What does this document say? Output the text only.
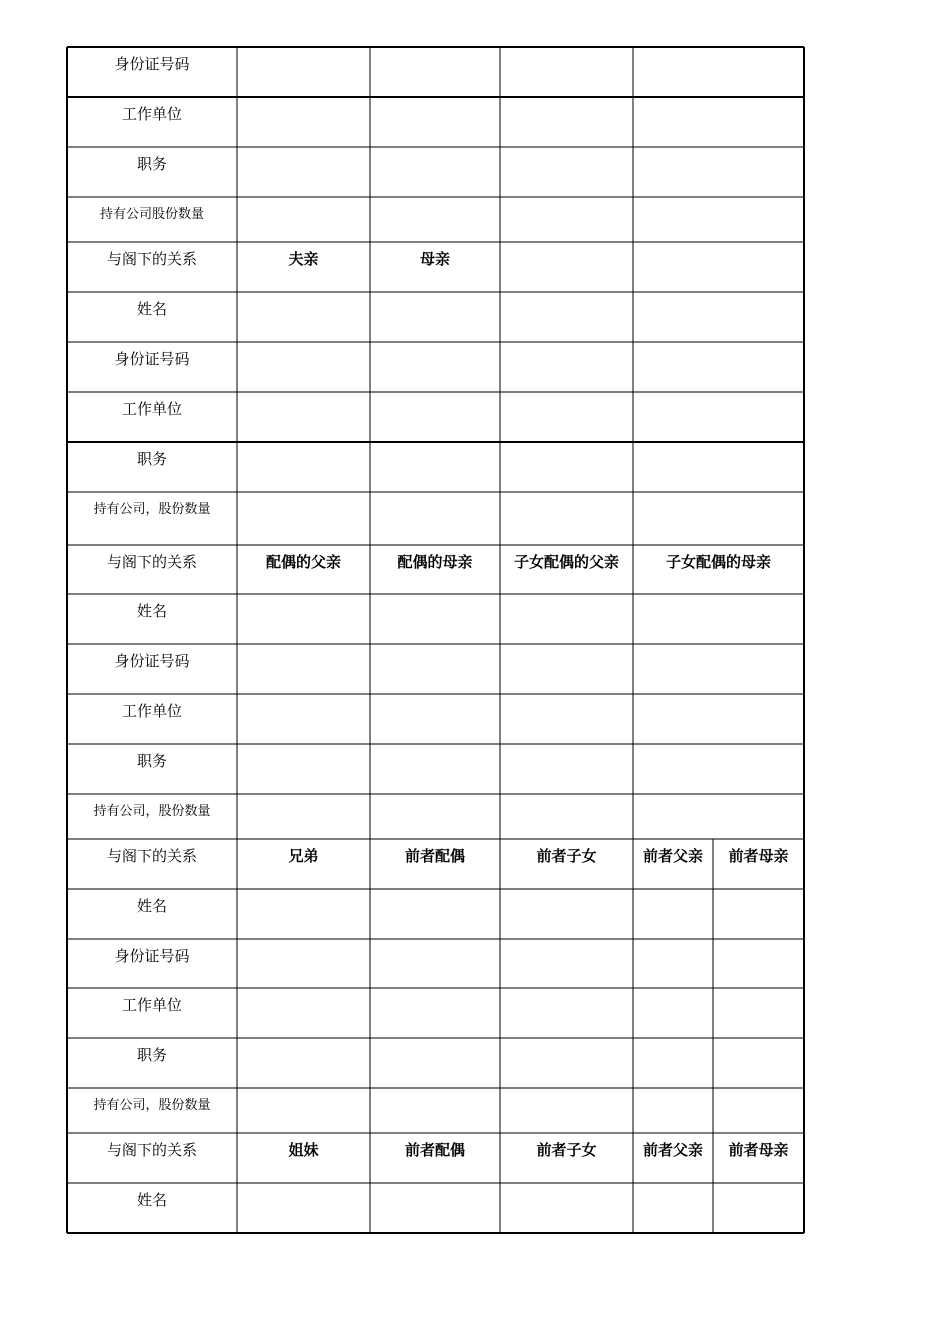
身份证号码
工作单位
职务
持有公司股份数量
与阁下的关系	夫亲	母亲
姓名
身份证号码
工作单位
职务
持有公司，股份数量
与阁下的关系	配偶的父亲	配偶的母亲	子女配偶的父亲	子女配偶的母亲
姓名
身份证号码
工作单位
职务
持有公司，股份数量
与阁下的关系	兄弟	前者配偶	前者子女	前者父亲	前者母亲
姓名
身份证号码
工作单位
职务
持有公司，股份数量
与阁下的关系	姐妹	前者配偶	前者子女	前者父亲	前者母亲
姓名
